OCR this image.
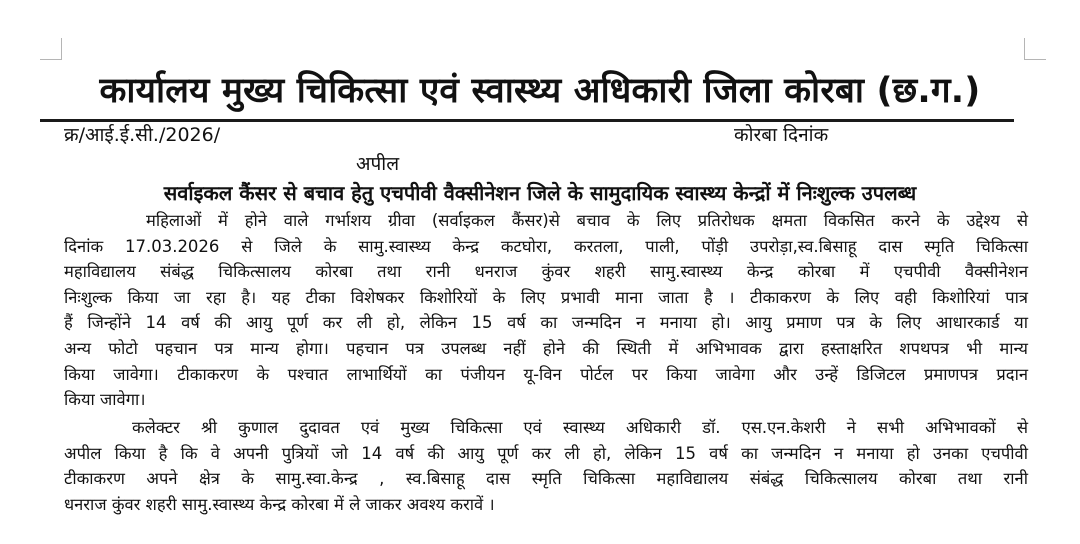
कार्यालय मुख्य चिकित्सा एवं स्वास्थ्य अधिकारी जिला कोरबा (छ.ग.)
क्र/आई.ई.सी./2026/	कोरबा दिनांक
अपील
सर्वाइकल कैंसर से बचाव हेतु एचपीवी वैक्सीनेशन जिले के सामुदायिक स्वास्थ्य केन्द्रों में निःशुल्क उपलब्ध
महिलाओं में होने वाले गर्भाशय ग्रीवा (सर्वाइकल कैंसर)से बचाव के लिए प्रतिरोधक क्षमता विकसित करने के उद्देश्य से
दिनांक 17.03.2026 से जिले के सामु.स्वास्थ्य केन्द्र कटघोरा, करतला, पाली, पोंड़ी उपरोड़ा,स्व.बिसाहू दास स्मृति चिकित्सा
महाविद्यालय संबंद्ध चिकित्सालय कोरबा तथा रानी धनराज कुंवर शहरी सामु.स्वास्थ्य केन्द्र कोरबा में एचपीवी वैक्सीनेशन
निःशुल्क किया जा रहा है। यह टीका विशेषकर किशोरियों के लिए प्रभावी माना जाता है । टीकाकरण के लिए वही किशोरियां पात्र
हैं जिन्होंने 14 वर्ष की आयु पूर्ण कर ली हो, लेकिन 15 वर्ष का जन्मदिन न मनाया हो। आयु प्रमाण पत्र के लिए आधारकार्ड या
अन्य फोटो पहचान पत्र मान्य होगा। पहचान पत्र उपलब्ध नहीं होने की स्थिती में अभिभावक द्वारा हस्ताक्षरित शपथपत्र भी मान्य
किया जावेगा। टीकाकरण के पश्चात लाभार्थियों का पंजीयन यू-विन पोर्टल पर किया जावेगा और उन्हें डिजिटल प्रमाणपत्र प्रदान
किया जावेगा।
कलेक्टर श्री कुणाल दुदावत एवं मुख्य चिकित्सा एवं स्वास्थ्य अधिकारी डॉ. एस.एन.केशरी ने सभी अभिभावकों से
अपील किया है कि वे अपनी पुत्रियों जो 14 वर्ष की आयु पूर्ण कर ली हो, लेकिन 15 वर्ष का जन्मदिन न मनाया हो उनका एचपीवी
टीकाकरण अपने क्षेत्र के सामु.स्वा.केन्द्र , स्व.बिसाहू दास स्मृति चिकित्सा महाविद्यालय संबंद्ध चिकित्सालय कोरबा तथा रानी
धनराज कुंवर शहरी सामु.स्वास्थ्य केन्द्र कोरबा में ले जाकर अवश्य करावें ।
